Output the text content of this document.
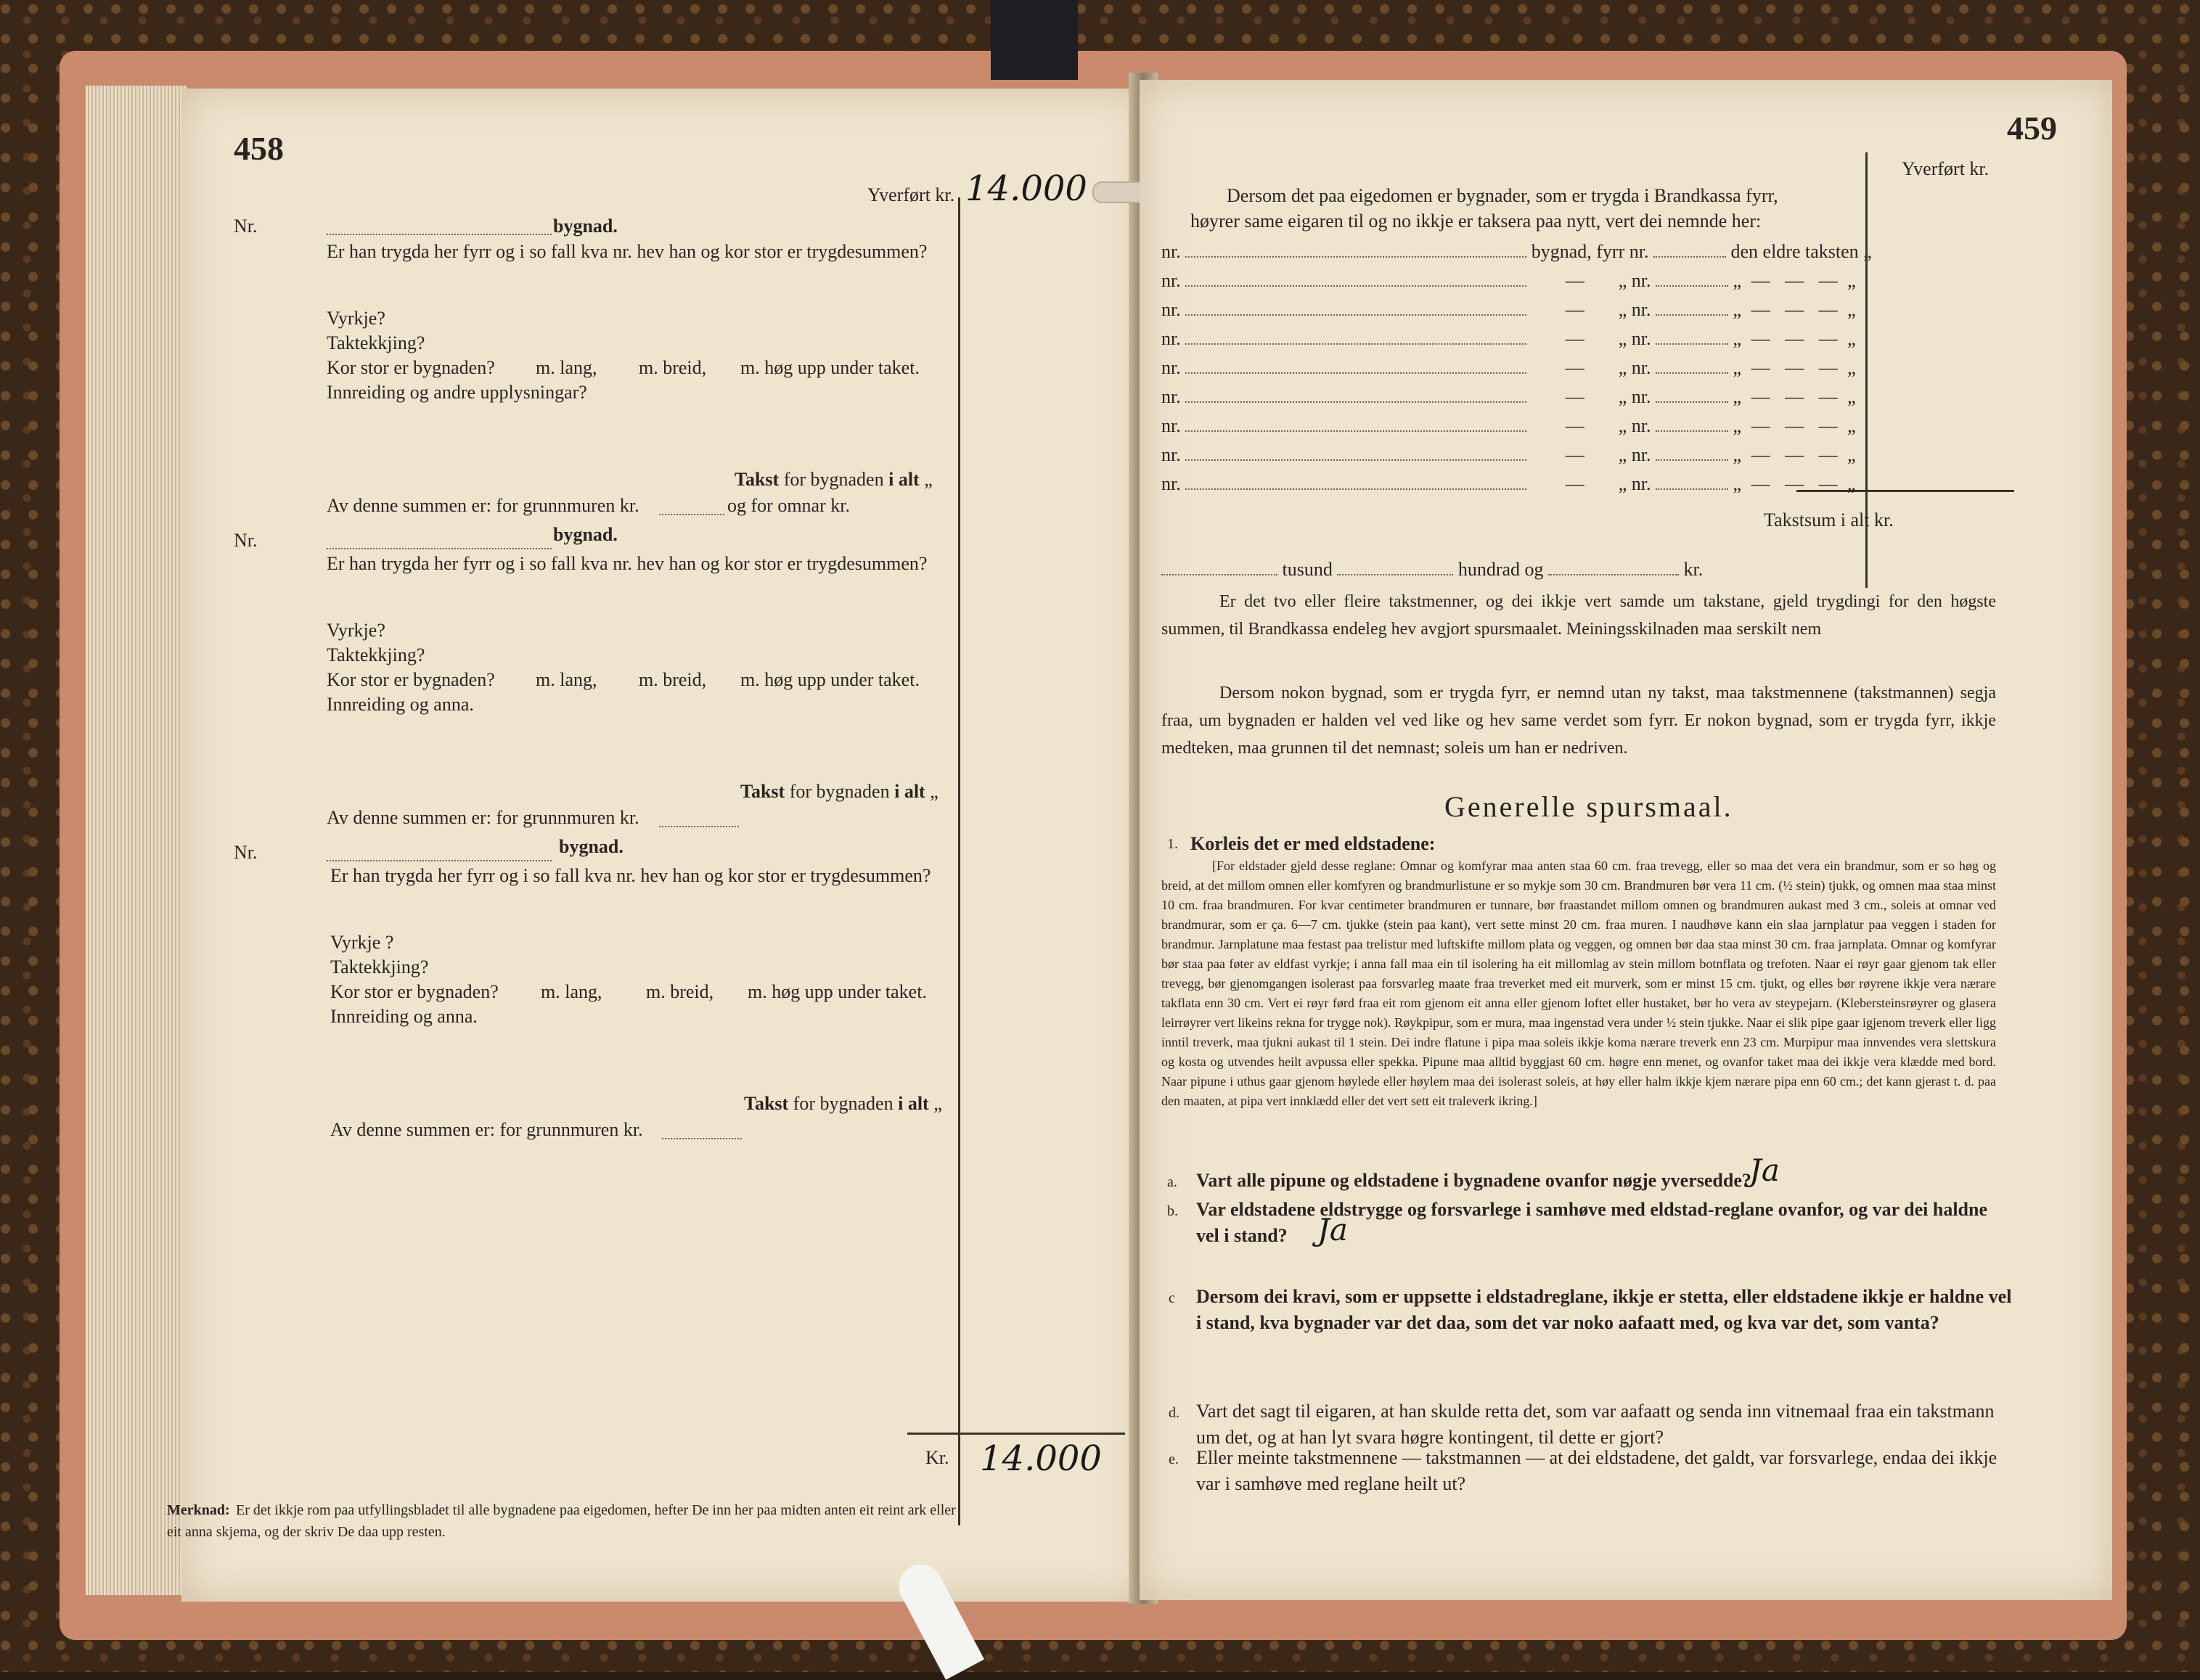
458
Yverført kr. 14.000
Nr.	bygnad.
Er han trygda her fyrr og i so fall kva nr. hev han og kor stor er trygdesummen?
Vyrkje?
Taktekkjing?
Kor stor er bygnaden? m. lang, m. breid, m. høg upp under taket.
Innreiding og andre upplysningar?
Takst for bygnaden i alt „
Av denne summen er: for grunnmuren kr.	og for omnar kr.
Nr.	bygnad.
Er han trygda her fyrr og i so fall kva nr. hev han og kor stor er trygdesummen?
Vyrkje?
Taktekkjing?
Kor stor er bygnaden? m. lang, m. breid, m. høg upp under taket.
Innreiding og anna.
Takst for bygnaden i alt „
Av denne summen er: for grunnmuren kr.
Nr.	bygnad.
Er han trygda her fyrr og i so fall kva nr. hev han og kor stor er trygdesummen?
Vyrkje ?
Taktekkjing?
Kor stor er bygnaden? m. lang, m. breid, m. høg upp under taket.
Innreiding og anna.
Takst for bygnaden i alt „
Av denne summen er: for grunnmuren kr.
Kr. 14.000
Merknad: Er det ikkje rom paa utfyllingsbladet til alle bygnadene paa eigedomen, hefter De inn her paa midten anten eit reint ark eller
eit anna skjema, og der skriv De daa upp resten.
459
Yverført kr.
Dersom det paa eigedomen er bygnader, som er trygda i Brandkassa fyrr,
høyrer same eigaren til og no ikkje er taksera paa nytt, vert dei nemnde her:
nr.	bygnad, fyrr nr.	den eldre taksten „
nr.	— „ nr.	„ — — — „
nr.	— „ nr.	„ — — — „
nr.	— „ nr.	„ — — — „
nr.	— „ nr.	„ — — — „
nr.	— „ nr.	„ — — — „
nr.	— „ nr.	„ — — — „
nr.	— „ nr.	„ — — — „
nr.	— „ nr.	„ — — — „
Takstsum i alt kr.
tusund	hundrad og	kr.
Er det tvo eller fleire takstmenner, og dei ikkje vert samde um takstane, gjeld trygdingi for den høgste summen, til Brandkassa endeleg hev avgjort spursmaalet. Meiningsskilnaden maa serskilt nem
Dersom nokon bygnad, som er trygda fyrr, er nemnd utan ny takst, maa takstmennene (takstmannen) segja fraa, um bygnaden er halden vel ved like og hev same verdet som fyrr. Er nokon bygnad, som er trygda fyrr, ikkje medteken, maa grunnen til det nemnast; soleis um han er nedriven.
Generelle spursmaal.
1. Korleis det er med eldstadene:
[For eldstader gjeld desse reglane: Omnar og komfyrar maa anten staa 60 cm. fraa trevegg, eller so maa det vera ein brandmur, som er so høg og breid, at det millom omnen eller komfyren og brandmurlistune er so mykje som 30 cm. Brandmuren bør vera 11 cm. (½ stein) tjukk, og omnen maa staa minst 10 cm. fraa brandmuren. For kvar centimeter brandmuren er tunnare, bør fraastandet millom omnen og brandmuren aukast med 3 cm., soleis at omnar ved brandmurar, som er ça. 6—7 cm. tjukke (stein paa kant), vert sette minst 20 cm. fraa muren. I naudhøve kann ein slaa jarnplatur paa veggen i staden for brandmur. Jarnplatune maa festast paa trelistur med luftskifte millom plata og veggen, og omnen bør daa staa minst 30 cm. fraa jarnplata. Omnar og komfyrar bør staa paa føter av eldfast vyrkje; i anna fall maa ein til isolering ha eit millomlag av stein millom botnflata og trefoten. Naar ei røyr gaar gjenom tak eller trevegg, bør gjenomgangen isolerast paa forsvarleg maate fraa treverket med eit murverk, som er minst 15 cm. tjukt, og elles bør røyrene ikkje vera nærare takflata enn 30 cm. Vert ei røyr førd fraa eit rom gjenom eit anna eller gjenom loftet eller hustaket, bør ho vera av steypejarn. (Klebersteinsrøyrer og glasera leirrøyrer vert likeins rekna for trygge nok). Røykpipur, som er mura, maa ingenstad vera under ½ stein tjukke. Naar ei slik pipe gaar igjenom treverk eller ligg inntil treverk, maa tjukni aukast til 1 stein. Dei indre flatune i pipa maa soleis ikkje koma nærare treverk enn 23 cm. Murpipur maa innvendes vera slettskura og kosta og utvendes heilt avpussa eller spekka. Pipune maa alltid byggjast 60 cm. høgre enn menet, og ovanfor taket maa dei ikkje vera klædde med bord. Naar pipune i uthus gaar gjenom høylede eller høylem maa dei isolerast soleis, at høy eller halm ikkje kjem nærare pipa enn 60 cm.; det kann gjerast t. d. paa den maaten, at pipa vert innklædd eller det vert sett eit traleverk ikring.]
a. Vart alle pipune og eldstadene i bygnadene ovanfor nøgje yversedde?
Ja
b. Var eldstadene eldstrygge og forsvarlege i samhøve med eldstad-reglane ovanfor, og var dei haldne
vel i stand? Ja
c Dersom dei kravi, som er uppsette i eldstadreglane, ikkje er stetta, eller eldstadene ikkje er haldne vel
i stand, kva bygnader var det daa, som det var noko aafaatt med, og kva var det, som vanta?
d. Vart det sagt til eigaren, at han skulde retta det, som var aafaatt og senda inn vitnemaal fraa ein takstmann
um det, og at han lyt svara høgre kontingent, til dette er gjort?
e. Eller meinte takstmennene — takstmannen — at dei eldstadene, det galdt, var forsvarlege, endaa dei ikkje
var i samhøve med reglane heilt ut?
